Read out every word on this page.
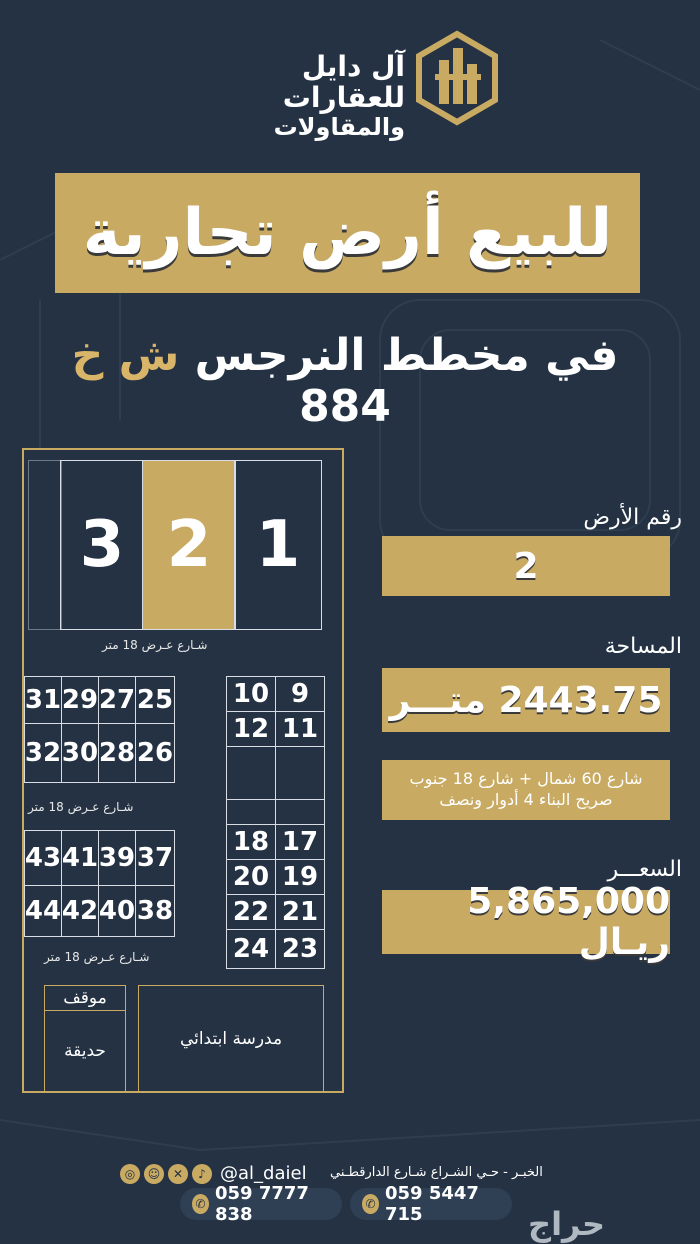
آل دايل للعقارات
والمقاولات
للبيع أرض تجارية
في مخطط النرجس ش خ 884
3 2 1
شـارع عـرض 18 متر
31 29 27 25
32 30 28 26
شـارع عـرض 18 متر
43 41 39 37
44 42 40 38
شـارع عـرض 18 متر
10 9
12 11
18 17
20 19
22 21
24 23
موقف
حديقة
مدرسة ابتدائي
رقم الأرض
2
المساحة
2443.75 متـــر
شارع 60 شمال + شارع 18 جنوب
صريح البناء 4 أدوار ونصف
السعـــر
5,865,000 ريـال
◎	☺	✕	♪ @al_daiel الخبـر - حـي الشـراع شـارع الدارقطـني
✆ 059 7777 838	✆ 059 5447 715	حراج
